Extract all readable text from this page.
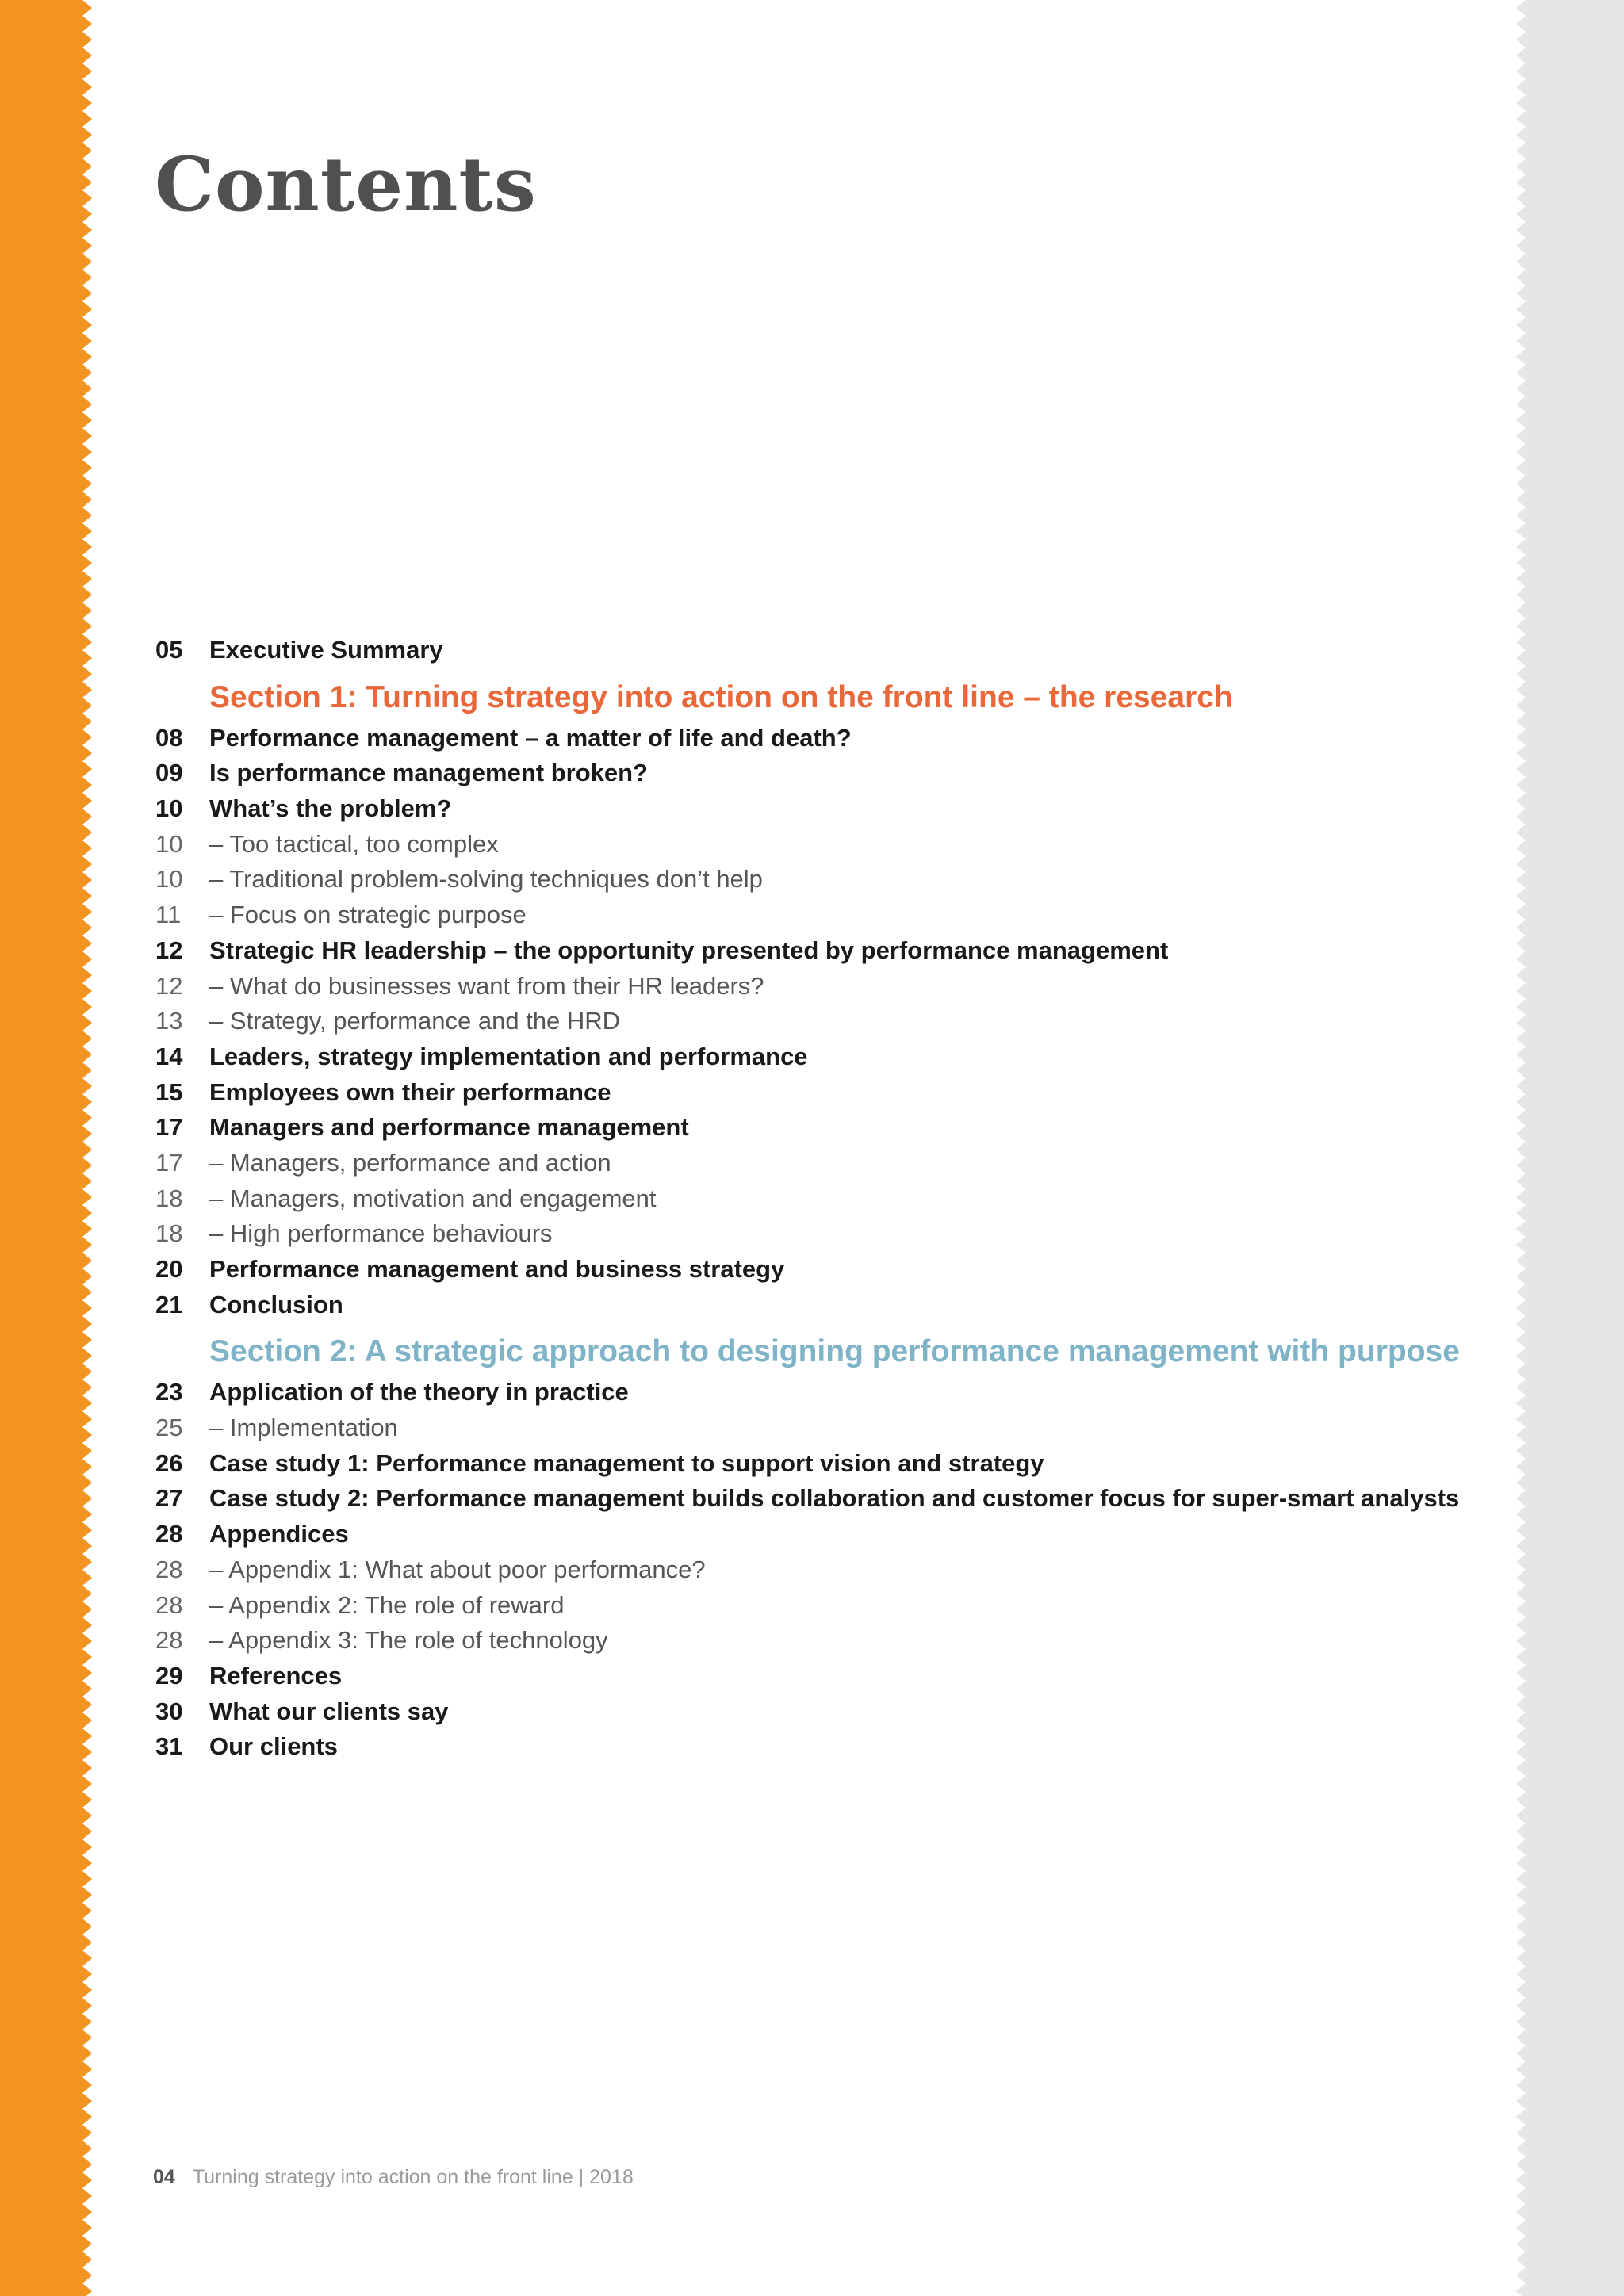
Contents
05	Executive Summary
Section 1: Turning strategy into action on the front line – the research
08	Performance management – a matter of life and death?
09	Is performance management broken?
10	What’s the problem?
10	– Too tactical, too complex
10	– Traditional problem-solving techniques don’t help
11	– Focus on strategic purpose
12	Strategic HR leadership – the opportunity presented by performance management
12	– What do businesses want from their HR leaders?
13	– Strategy, performance and the HRD
14	Leaders, strategy implementation and performance
15	Employees own their performance
17	Managers and performance management
17	– Managers, performance and action
18	– Managers, motivation and engagement
18	– High performance behaviours
20	Performance management and business strategy
21	Conclusion
Section 2: A strategic approach to designing performance management with purpose
23	Application of the theory in practice
25	– Implementation
26	Case study 1: Performance management to support vision and strategy
27	Case study 2: Performance management builds collaboration and customer focus for super-smart analysts
28	Appendices
28	– Appendix 1: What about poor performance?
28	– Appendix 2: The role of reward
28	– Appendix 3: The role of technology
29	References
30	What our clients say
31	Our clients
04 Turning strategy into action on the front line | 2018
